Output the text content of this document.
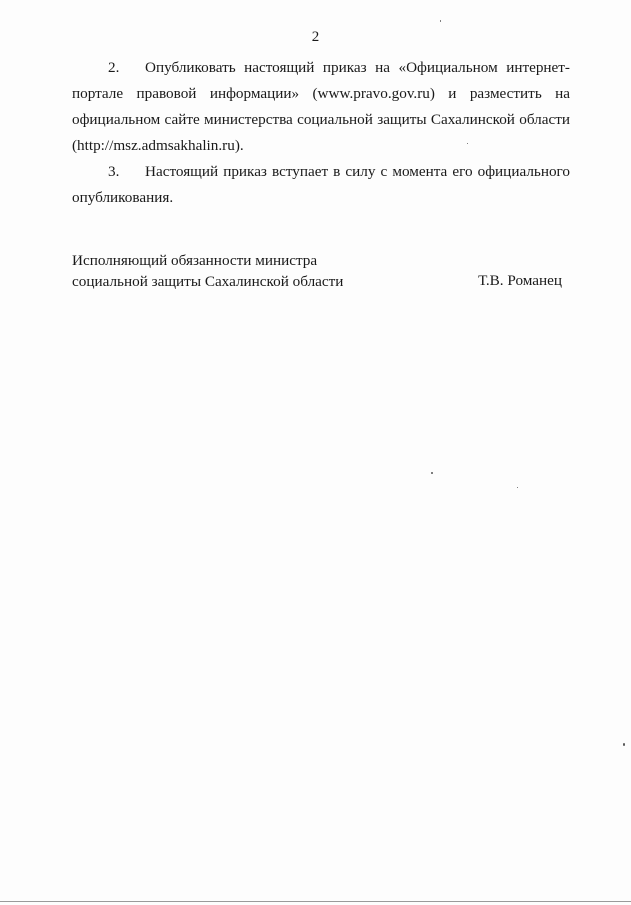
2

2. Опубликовать настоящий приказ на «Официальном интернет-портале правовой информации» (www.pravo.gov.ru) и разместить на официальном сайте министерства социальной защиты Сахалинской области (http://msz.admsakhalin.ru).

3. Настоящий приказ вступает в силу с момента его официального опубликования.

Исполняющий обязанности министра
социальной защиты Сахалинской области	Т.В. Романец
